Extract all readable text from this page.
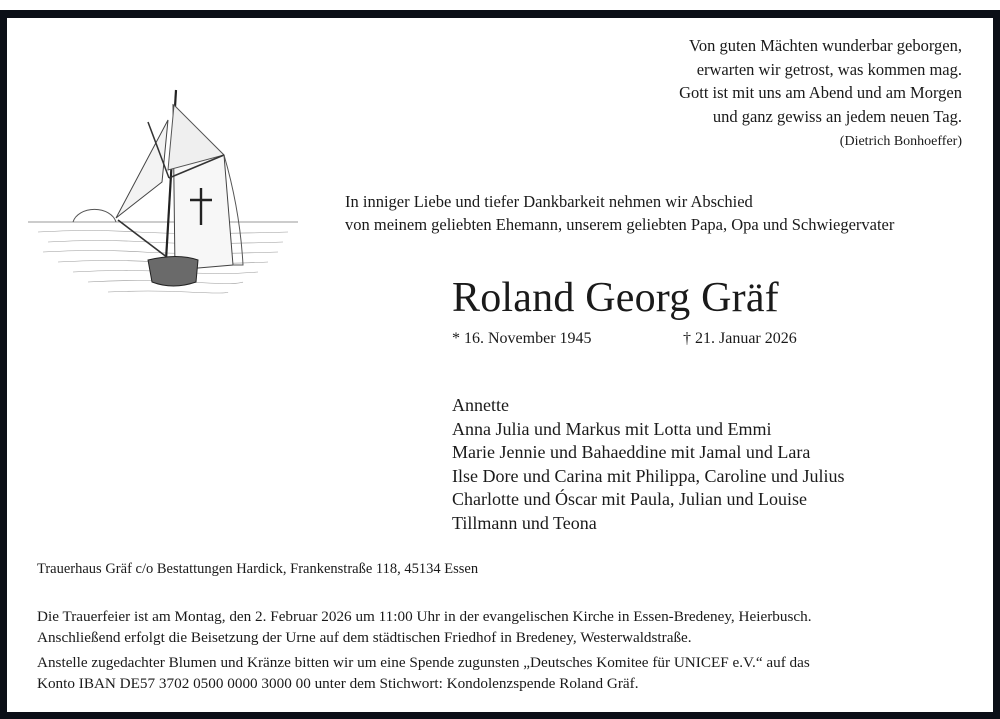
Von guten Mächten wunderbar geborgen,
erwarten wir getrost, was kommen mag.
Gott ist mit uns am Abend und am Morgen
und ganz gewiss an jedem neuen Tag.
(Dietrich Bonhoeffer)
In inniger Liebe und tiefer Dankbarkeit nehmen wir Abschied
von meinem geliebten Ehemann, unserem geliebten Papa, Opa und Schwiegervater
Roland Georg Gräf
* 16. November 1945	† 21. Januar 2026
Annette
Anna Julia und Markus mit Lotta und Emmi
Marie Jennie und Bahaeddine mit Jamal und Lara
Ilse Dore und Carina mit Philippa, Caroline und Julius
Charlotte und Óscar mit Paula, Julian und Louise
Tillmann und Teona
Trauerhaus Gräf c/o Bestattungen Hardick, Frankenstraße 118, 45134 Essen

Die Trauerfeier ist am Montag, den 2. Februar 2026 um 11:00 Uhr in der evangelischen Kirche in Essen-Bredeney, Heierbusch.

Anschließend erfolgt die Beisetzung der Urne auf dem städtischen Friedhof in Bredeney, Westerwaldstraße.

Anstelle zugedachter Blumen und Kränze bitten wir um eine Spende zugunsten „Deutsches Komitee für UNICEF e.V.“ auf das

Konto IBAN DE57 3702 0500 0000 3000 00 unter dem Stichwort: Kondolenzspende Roland Gräf.
